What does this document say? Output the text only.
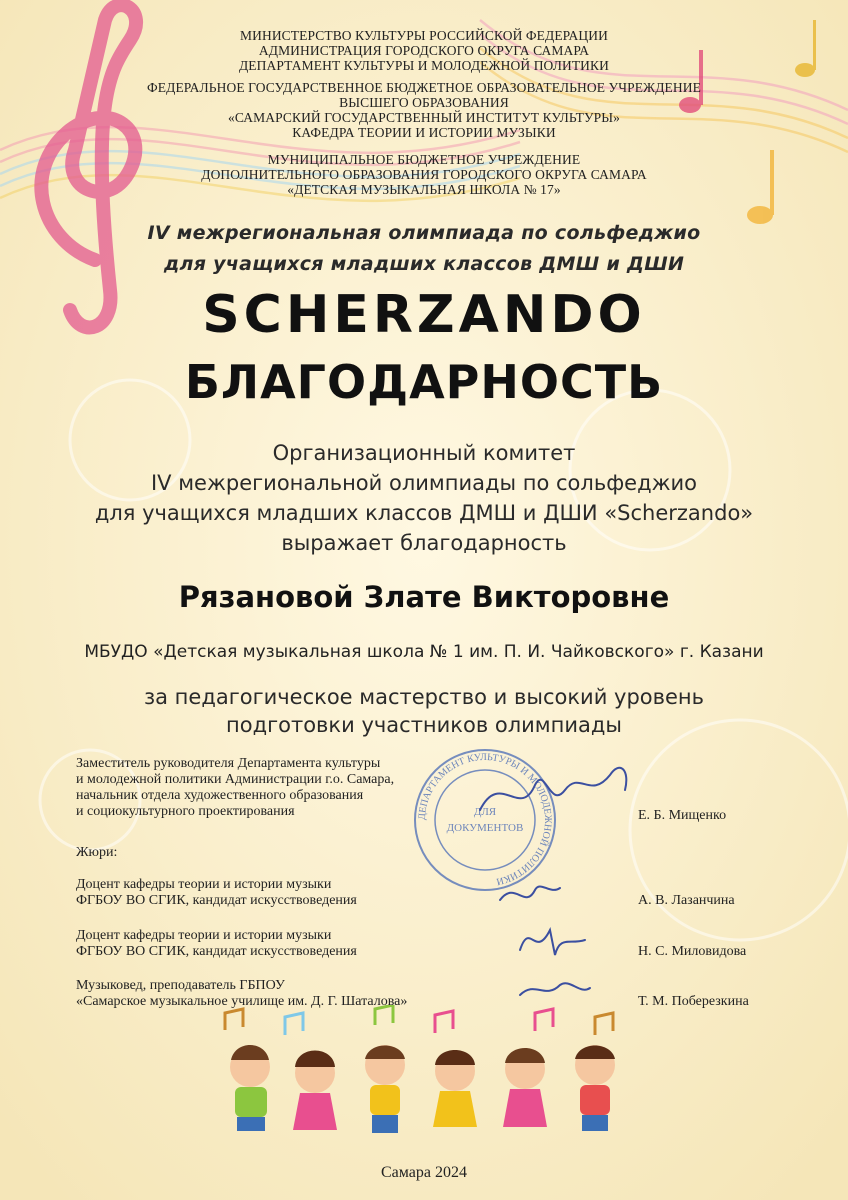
МИНИСТЕРСТВО КУЛЬТУРЫ РОССИЙСКОЙ ФЕДЕРАЦИИ
АДМИНИСТРАЦИЯ ГОРОДСКОГО ОКРУГА САМАРА
ДЕПАРТАМЕНТ КУЛЬТУРЫ И МОЛОДЕЖНОЙ ПОЛИТИКИ
ФЕДЕРАЛЬНОЕ ГОСУДАРСТВЕННОЕ БЮДЖЕТНОЕ ОБРАЗОВАТЕЛЬНОЕ УЧРЕЖДЕНИЕ
ВЫСШЕГО ОБРАЗОВАНИЯ
«САМАРСКИЙ ГОСУДАРСТВЕННЫЙ ИНСТИТУТ КУЛЬТУРЫ»
КАФЕДРА ТЕОРИИ И ИСТОРИИ МУЗЫКИ
МУНИЦИПАЛЬНОЕ БЮДЖЕТНОЕ УЧРЕЖДЕНИЕ
ДОПОЛНИТЕЛЬНОГО ОБРАЗОВАНИЯ ГОРОДСКОГО ОКРУГА САМАРА
«ДЕТСКАЯ МУЗЫКАЛЬНАЯ ШКОЛА № 17»
IV межрегиональная олимпиада по сольфеджио
для учащихся младших классов ДМШ и ДШИ
SCHERZANDO
БЛАГОДАРНОСТЬ
Организационный комитет
IV межрегиональной олимпиады по сольфеджио
для учащихся младших классов ДМШ и ДШИ «Scherzando»
выражает благодарность
Рязановой Злате Викторовне
МБУДО «Детская музыкальная школа № 1 им. П. И. Чайковского» г. Казани
за педагогическое мастерство и высокий уровень
подготовки участников олимпиады
ДЕПАРТАМЕНТ КУЛЬТУРЫ И МОЛОДЕЖНОЙ ПОЛИТИКИ
ДЛЯ
ДОКУМЕНТОВ
Заместитель руководителя Департамента культуры
и молодежной политики Администрации г.о. Самара,
начальник отдела художественного образования
и социокультурного проектирования	Е. Б. Мищенко
Жюри:
Доцент кафедры теории и истории музыки
ФГБОУ ВО СГИК, кандидат искусствоведения	А. В. Лазанчина
Доцент кафедры теории и истории музыки
ФГБОУ ВО СГИК, кандидат искусствоведения	Н. С. Миловидова
Музыковед, преподаватель ГБПОУ
«Самарское музыкальное училище им. Д. Г. Шаталова»	Т. М. Поберезкина
Самара 2024
